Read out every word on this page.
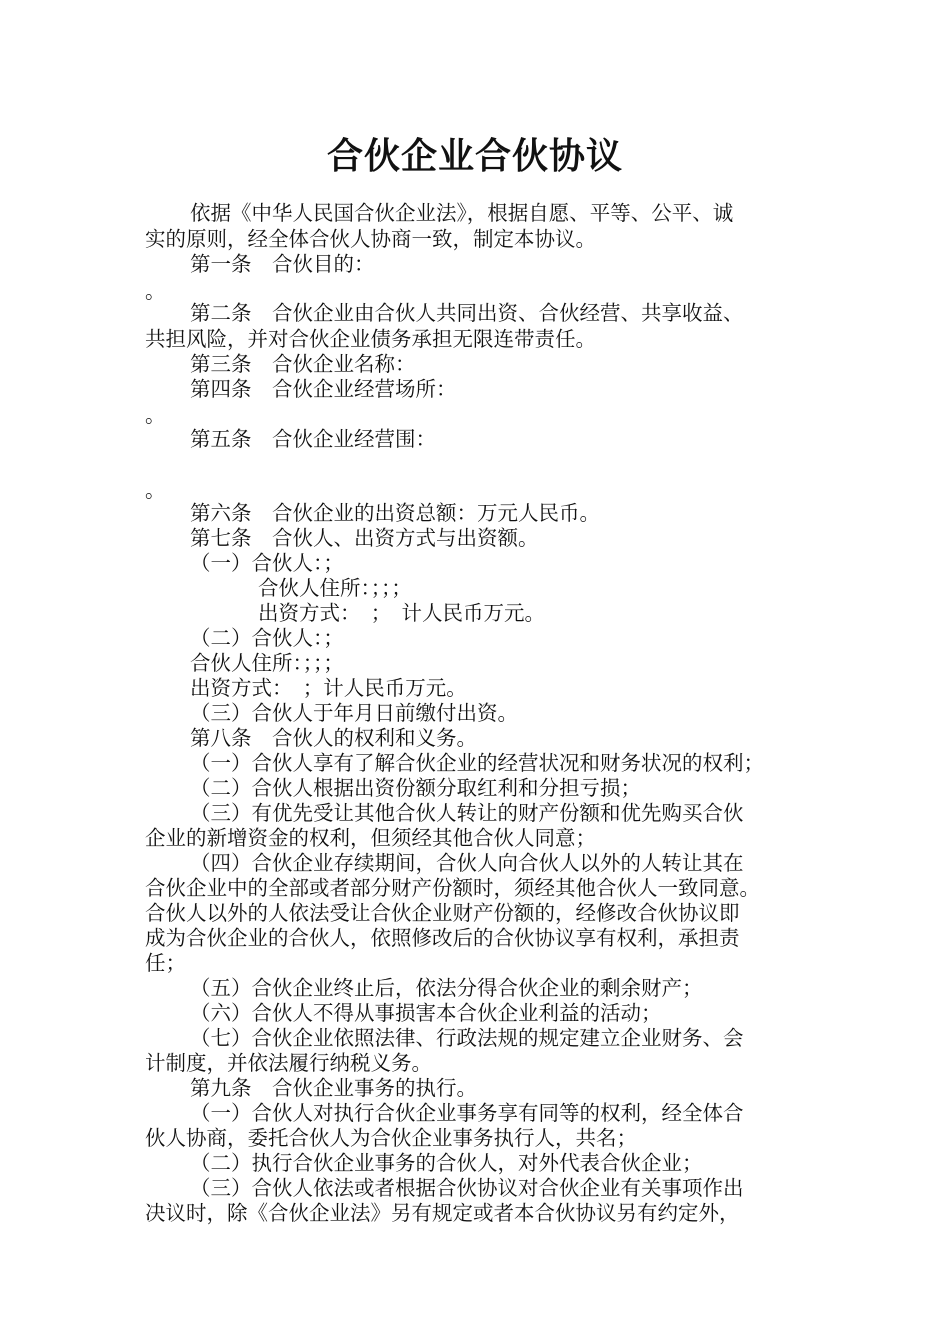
合伙企业合伙协议
依据《中华人民国合伙企业法》，根据自愿、平等、公平、诚
实的原则，经全体合伙人协商一致，制定本协议。
第一条　合伙目的：
。
第二条　合伙企业由合伙人共同出资、合伙经营、共享收益、
共担风险，并对合伙企业债务承担无限连带责任。
第三条　合伙企业名称：
第四条　合伙企业经营场所：
。
第五条　合伙企业经营围：
。
第六条　合伙企业的出资总额：万元人民币。
第七条　合伙人、出资方式与出资额。
（一）合伙人：；
合伙人住所：；；；
出资方式：　；　计人民币万元。
（二）合伙人：；
合伙人住所：；；；
出资方式：　；计人民币万元。
（三）合伙人于年月日前缴付出资。
第八条　合伙人的权利和义务。
（一）合伙人享有了解合伙企业的经营状况和财务状况的权利；
（二）合伙人根据出资份额分取红利和分担亏损；
（三）有优先受让其他合伙人转让的财产份额和优先购买合伙
企业的新增资金的权利，但须经其他合伙人同意；
（四）合伙企业存续期间，合伙人向合伙人以外的人转让其在
合伙企业中的全部或者部分财产份额时，须经其他合伙人一致同意。
合伙人以外的人依法受让合伙企业财产份额的，经修改合伙协议即
成为合伙企业的合伙人，依照修改后的合伙协议享有权利，承担责
任；
（五）合伙企业终止后，依法分得合伙企业的剩余财产；
（六）合伙人不得从事损害本合伙企业利益的活动；
（七）合伙企业依照法律、行政法规的规定建立企业财务、会
计制度，并依法履行纳税义务。
第九条　合伙企业事务的执行。
（一）合伙人对执行合伙企业事务享有同等的权利，经全体合
伙人协商，委托合伙人为合伙企业事务执行人，共名；
（二）执行合伙企业事务的合伙人，对外代表合伙企业；
（三）合伙人依法或者根据合伙协议对合伙企业有关事项作出
决议时，除《合伙企业法》另有规定或者本合伙协议另有约定外，
